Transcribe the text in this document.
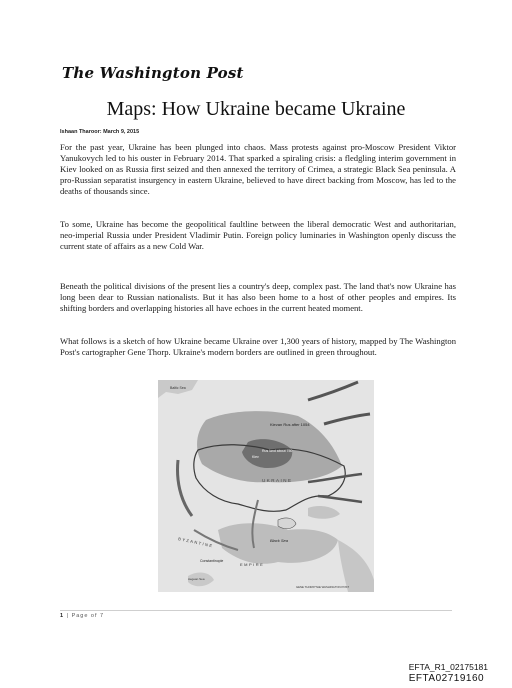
The Washington Post
Maps: How Ukraine became Ukraine
Ishaan Tharoor: March 9, 2015

For the past year, Ukraine has been plunged into chaos. Mass protests against pro-Moscow President Viktor Yanukovych led to his ouster in February 2014. That sparked a spiraling crisis: a fledgling interim government in Kiev looked on as Russia first seized and then annexed the territory of Crimea, a strategic Black Sea peninsula. A pro-Russian separatist insurgency in eastern Ukraine, believed to have direct backing from Moscow, has led to the deaths of thousands since.

To some, Ukraine has become the geopolitical faultline between the liberal democratic West and authoritarian, neo-imperial Russia under President Vladimir Putin. Foreign policy luminaries in Washington openly discuss the current state of affairs as a new Cold War.

Beneath the political divisions of the present lies a country's deep, complex past. The land that's now Ukraine has long been dear to Russian nationalists. But it has also been home to a host of other peoples and empires. Its shifting borders and overlapping histories all have echoes in the current heated moment.

What follows is a sketch of how Ukraine became Ukraine over 1,300 years of history, mapped by The Washington Post's cartographer Gene Thorp. Ukraine's modern borders are outlined in green throughout.

Baltic Sea
Kievan Rus after 1054
Rus land about 750
Kiev
UKRAINE
Black Sea
BYZANTINE
EMPIRE
Constantinople
Aegean Sea
GENE THORP/THE WASHINGTON POST
1 | Page of 7
EFTA_R1_02175181
EFTA02719160
